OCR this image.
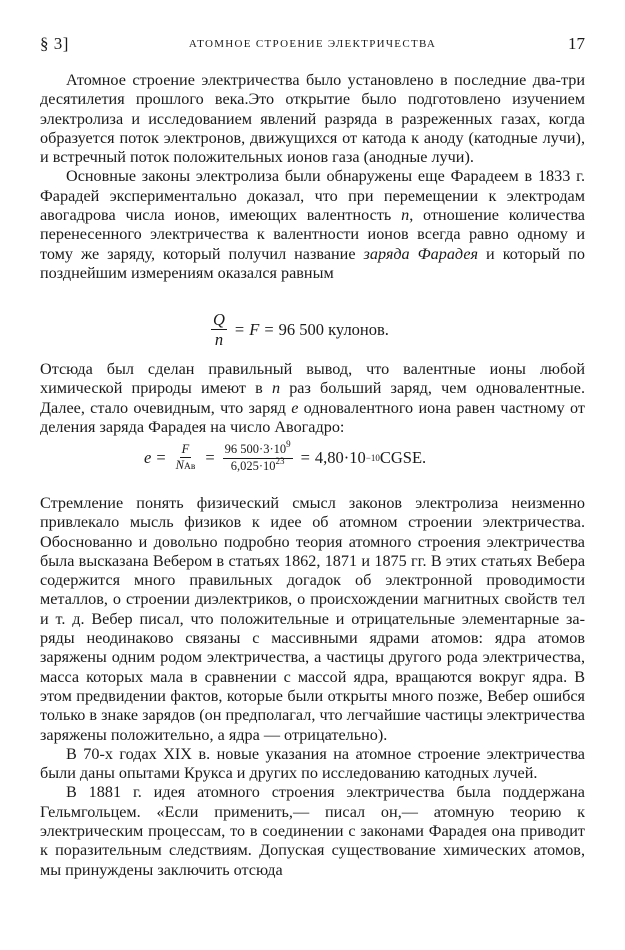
§ 3]	АТОМНОЕ СТРОЕНИЕ ЭЛЕКТРИЧЕСТВА	17

Атомное строение электричества было установлено в последние два-три десятилетия прошлого века.Это открытие было подготовлено изучением электролиза и исследованием явлений разряда в разреженных газах, когда образуется поток электронов, движущихся от катода к аноду (катодные лучи), и встречный поток положительных ионов газа (анодные лучи).

Основные законы электролиза были обнаружены еще Фарадеем в 1833 г. Фарадей экспериментально доказал, что при перемещении к электродам авогадрова числа ионов, имеющих валентность n, отношение количества перенесенного электричества к валентности ионов всегда равно одному и тому же заряду, который получил название заряда Фарадея и который по позднейшим измерениям оказался равным

$\frac{Q}{n} = F = 96$ 500 кулонов.

Отсюда был сделан правильный вывод, что валентные ионы любой химической природы имеют в n раз больший заряд, чем одновалентные. Далее, стало очевидным, что заряд e одновалентного иона равен частному от деления заряда Фарадея на число Авогадро:

$e = \frac{F}{\text{NАв}} = \frac{96 500\cdot 3\cdot 10^9}{6,025\cdot 10^{23}} = 4,80\cdot 10 -10$ CGSE.

Стремление понять физический смысл законов электролиза неизменно привлекало мысль физиков к идее об атомном строении электричества. Обоснованно и довольно подробно теория атомного строения электричества была высказана Вебером в статьях 1862, 1871 и 1875 гг. В этих статьях Вебера содержится много правильных догадок об электронной проводимости металлов, о строении диэлектриков, о происхождении магнитных свойств тел и т. д. Вебер писал, что положительные и отрицательные элементарные заряды неодинаково связаны с массивными ядрами атомов: ядра атомов заряжены одним родом электричества, а частицы другого рода электричества, масса которых мала в сравнении с массой ядра, вращаются вокруг ядра. В этом предвидении фактов, которые были открыты много позже, Вебер ошибся только в знаке зарядов (он предполагал, что легчайшие частицы электричества заряжены положительно, а ядра — отрицательно).

В 70-х годах XIX в. новые указания на атомное строение электричества были даны опытами Крукса и других по исследованию катодных лучей.

В 1881 г. идея атомного строения электричества была поддержана Гельмгольцем. «Если применить,— писал он,— атомную теорию к электрическим процессам, то в соединении с законами Фарадея она приводит к поразительным следствиям. Допуская существование химических атомов, мы принуждены заключить отсюда
